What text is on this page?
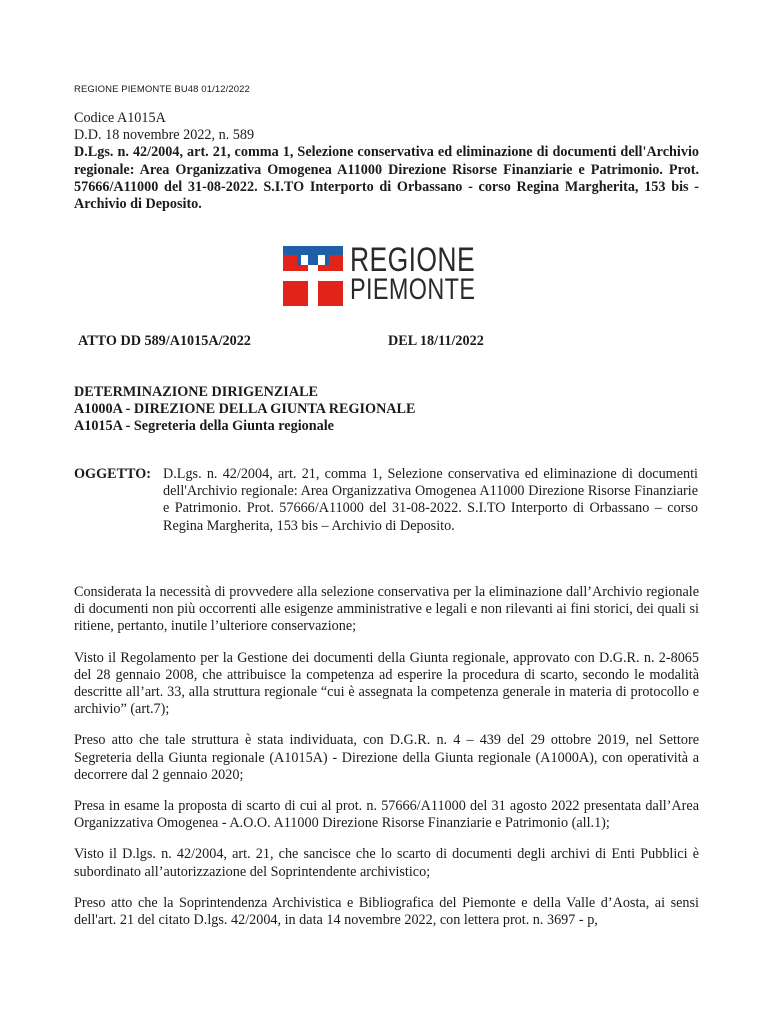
REGIONE PIEMONTE BU48 01/12/2022
Codice A1015A
D.D. 18 novembre 2022, n. 589
D.Lgs. n. 42/2004, art. 21, comma 1, Selezione conservativa ed eliminazione di documenti dell'Archivio regionale: Area Organizzativa Omogenea A11000 Direzione Risorse Finanziarie e Patrimonio. Prot. 57666/A11000 del 31-08-2022. S.I.TO Interporto di Orbassano - corso Regina Margherita, 153 bis - Archivio di Deposito.
REGIONE
PIEMONTE
ATTO DD 589/A1015A/2022	DEL 18/11/2022
DETERMINAZIONE DIRIGENZIALE
A1000A - DIREZIONE DELLA GIUNTA REGIONALE
A1015A - Segreteria della Giunta regionale
OGGETTO: D.Lgs. n. 42/2004, art. 21, comma 1, Selezione conservativa ed eliminazione di documenti dell'Archivio regionale: Area Organizzativa Omogenea A11000 Direzione Risorse Finanziarie e Patrimonio. Prot. 57666/A11000 del 31-08-2022. S.I.TO Interporto di Orbassano – corso Regina Margherita, 153 bis – Archivio di Deposito.

Considerata la necessità di provvedere alla selezione conservativa per la eliminazione dall’Archivio regionale di documenti non più occorrenti alle esigenze amministrative e legali e non rilevanti ai fini storici, dei quali si ritiene, pertanto, inutile l’ulteriore conservazione;

Visto il Regolamento per la Gestione dei documenti della Giunta regionale, approvato con D.G.R. n. 2-8065 del 28 gennaio 2008, che attribuisce la competenza ad esperire la procedura di scarto, secondo le modalità descritte all’art. 33, alla struttura regionale “cui è assegnata la competenza generale in materia di protocollo e archivio” (art.7);

Preso atto che tale struttura è stata individuata, con D.G.R. n. 4 – 439 del 29 ottobre 2019, nel Settore Segreteria della Giunta regionale (A1015A) - Direzione della Giunta regionale (A1000A), con operatività a decorrere dal 2 gennaio 2020;

Presa in esame la proposta di scarto di cui al prot. n. 57666/A11000 del 31 agosto 2022 presentata dall’Area Organizzativa Omogenea - A.O.O. A11000 Direzione Risorse Finanziarie e Patrimonio (all.1);

Visto il D.lgs. n. 42/2004, art. 21, che sancisce che lo scarto di documenti degli archivi di Enti Pubblici è subordinato all’autorizzazione del Soprintendente archivistico;

Preso atto che la Soprintendenza Archivistica e Bibliografica del Piemonte e della Valle d’Aosta, ai sensi dell'art. 21 del citato D.lgs. 42/2004, in data 14 novembre 2022, con lettera prot. n. 3697 - p,
